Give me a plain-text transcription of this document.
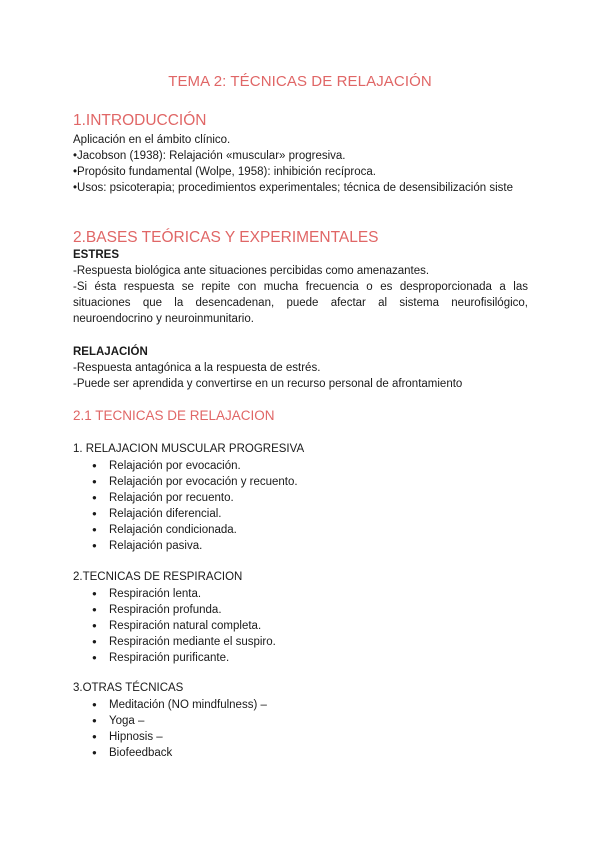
TEMA 2: TÉCNICAS DE RELAJACIÓN
1.INTRODUCCIÓN

Aplicación en el ámbito clínico.

•Jacobson (1938): Relajación «muscular» progresiva.

•Propósito fundamental (Wolpe, 1958): inhibición recíproca.

•Usos: psicoterapia; procedimientos experimentales; técnica de desensibilización siste

2.BASES TEÓRICAS Y EXPERIMENTALES

ESTRES

-Respuesta biológica ante situaciones percibidas como amenazantes.

-Si ésta respuesta se repite con mucha frecuencia o es desproporcionada a las situaciones que la desencadenan, puede afectar al sistema neurofisilógico, neuroendocrino y neuroinmunitario.

RELAJACIÓN

-Respuesta antagónica a la respuesta de estrés.

-Puede ser aprendida y convertirse en un recurso personal de afrontamiento

2.1 TECNICAS DE RELAJACION

1. RELAJACION MUSCULAR PROGRESIVA

●	Relajación por evocación.
●	Relajación por evocación y recuento.
●	Relajación por recuento.
●	Relajación diferencial.
●	Relajación condicionada.
●	Relajación pasiva.

2.TECNICAS DE RESPIRACION

●	Respiración lenta.
●	Respiración profunda.
●	Respiración natural completa.
●	Respiración mediante el suspiro.
●	Respiración purificante.

3.OTRAS TÉCNICAS

●	Meditación (NO mindfulness) –
●	Yoga –
●	Hipnosis –
●	Biofeedback
